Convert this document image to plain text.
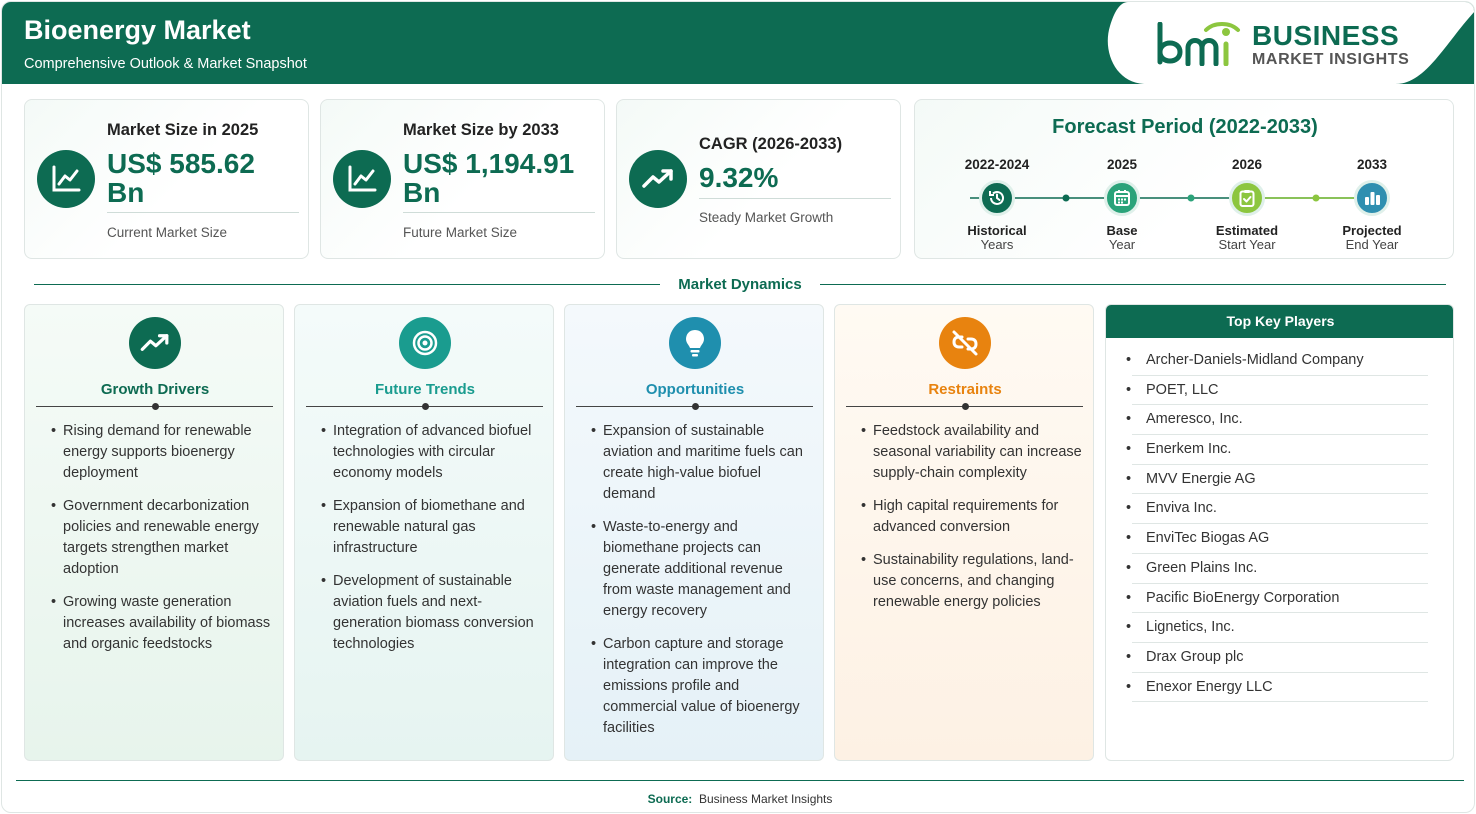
Bioenergy Market
Comprehensive Outlook & Market Snapshot
BUSINESS
MARKET INSIGHTS
Market Size in 2025
US$ 585.62
Bn
Current Market Size
Market Size by 2033
US$ 1,194.91
Bn
Future Market Size
CAGR (2026-2033)
9.32%
Steady Market Growth
Forecast Period (2022-2033)
2022-2024	2025	2026	2033
Historical
Years
Base
Year
Estimated
Start Year
Projected
End Year
Market Dynamics
Growth Drivers
• Rising demand for renewable energy supports bioenergy deployment
• Government decarbonization policies and renewable energy targets strengthen market adoption
• Growing waste generation increases availability of biomass and organic feedstocks
Future Trends
• Integration of advanced biofuel technologies with circular economy models
• Expansion of biomethane and renewable natural gas infrastructure
• Development of sustainable aviation fuels and next-generation biomass conversion technologies
Opportunities
• Expansion of sustainable aviation and maritime fuels can create high-value biofuel demand
• Waste-to-energy and biomethane projects can generate additional revenue from waste management and energy recovery
• Carbon capture and storage integration can improve the emissions profile and commercial value of bioenergy facilities
Restraints
• Feedstock availability and seasonal variability can increase supply-chain complexity
• High capital requirements for advanced conversion
• Sustainability regulations, land-use concerns, and changing renewable energy policies
Top Key Players
• Archer-Daniels-Midland Company
• POET, LLC
• Ameresco, Inc.
• Enerkem Inc.
• MVV Energie AG
• Enviva Inc.
• EnviTec Biogas AG
• Green Plains Inc.
• Pacific BioEnergy Corporation
• Lignetics, Inc.
• Drax Group plc
• Enexor Energy LLC
Source: Business Market Insights
